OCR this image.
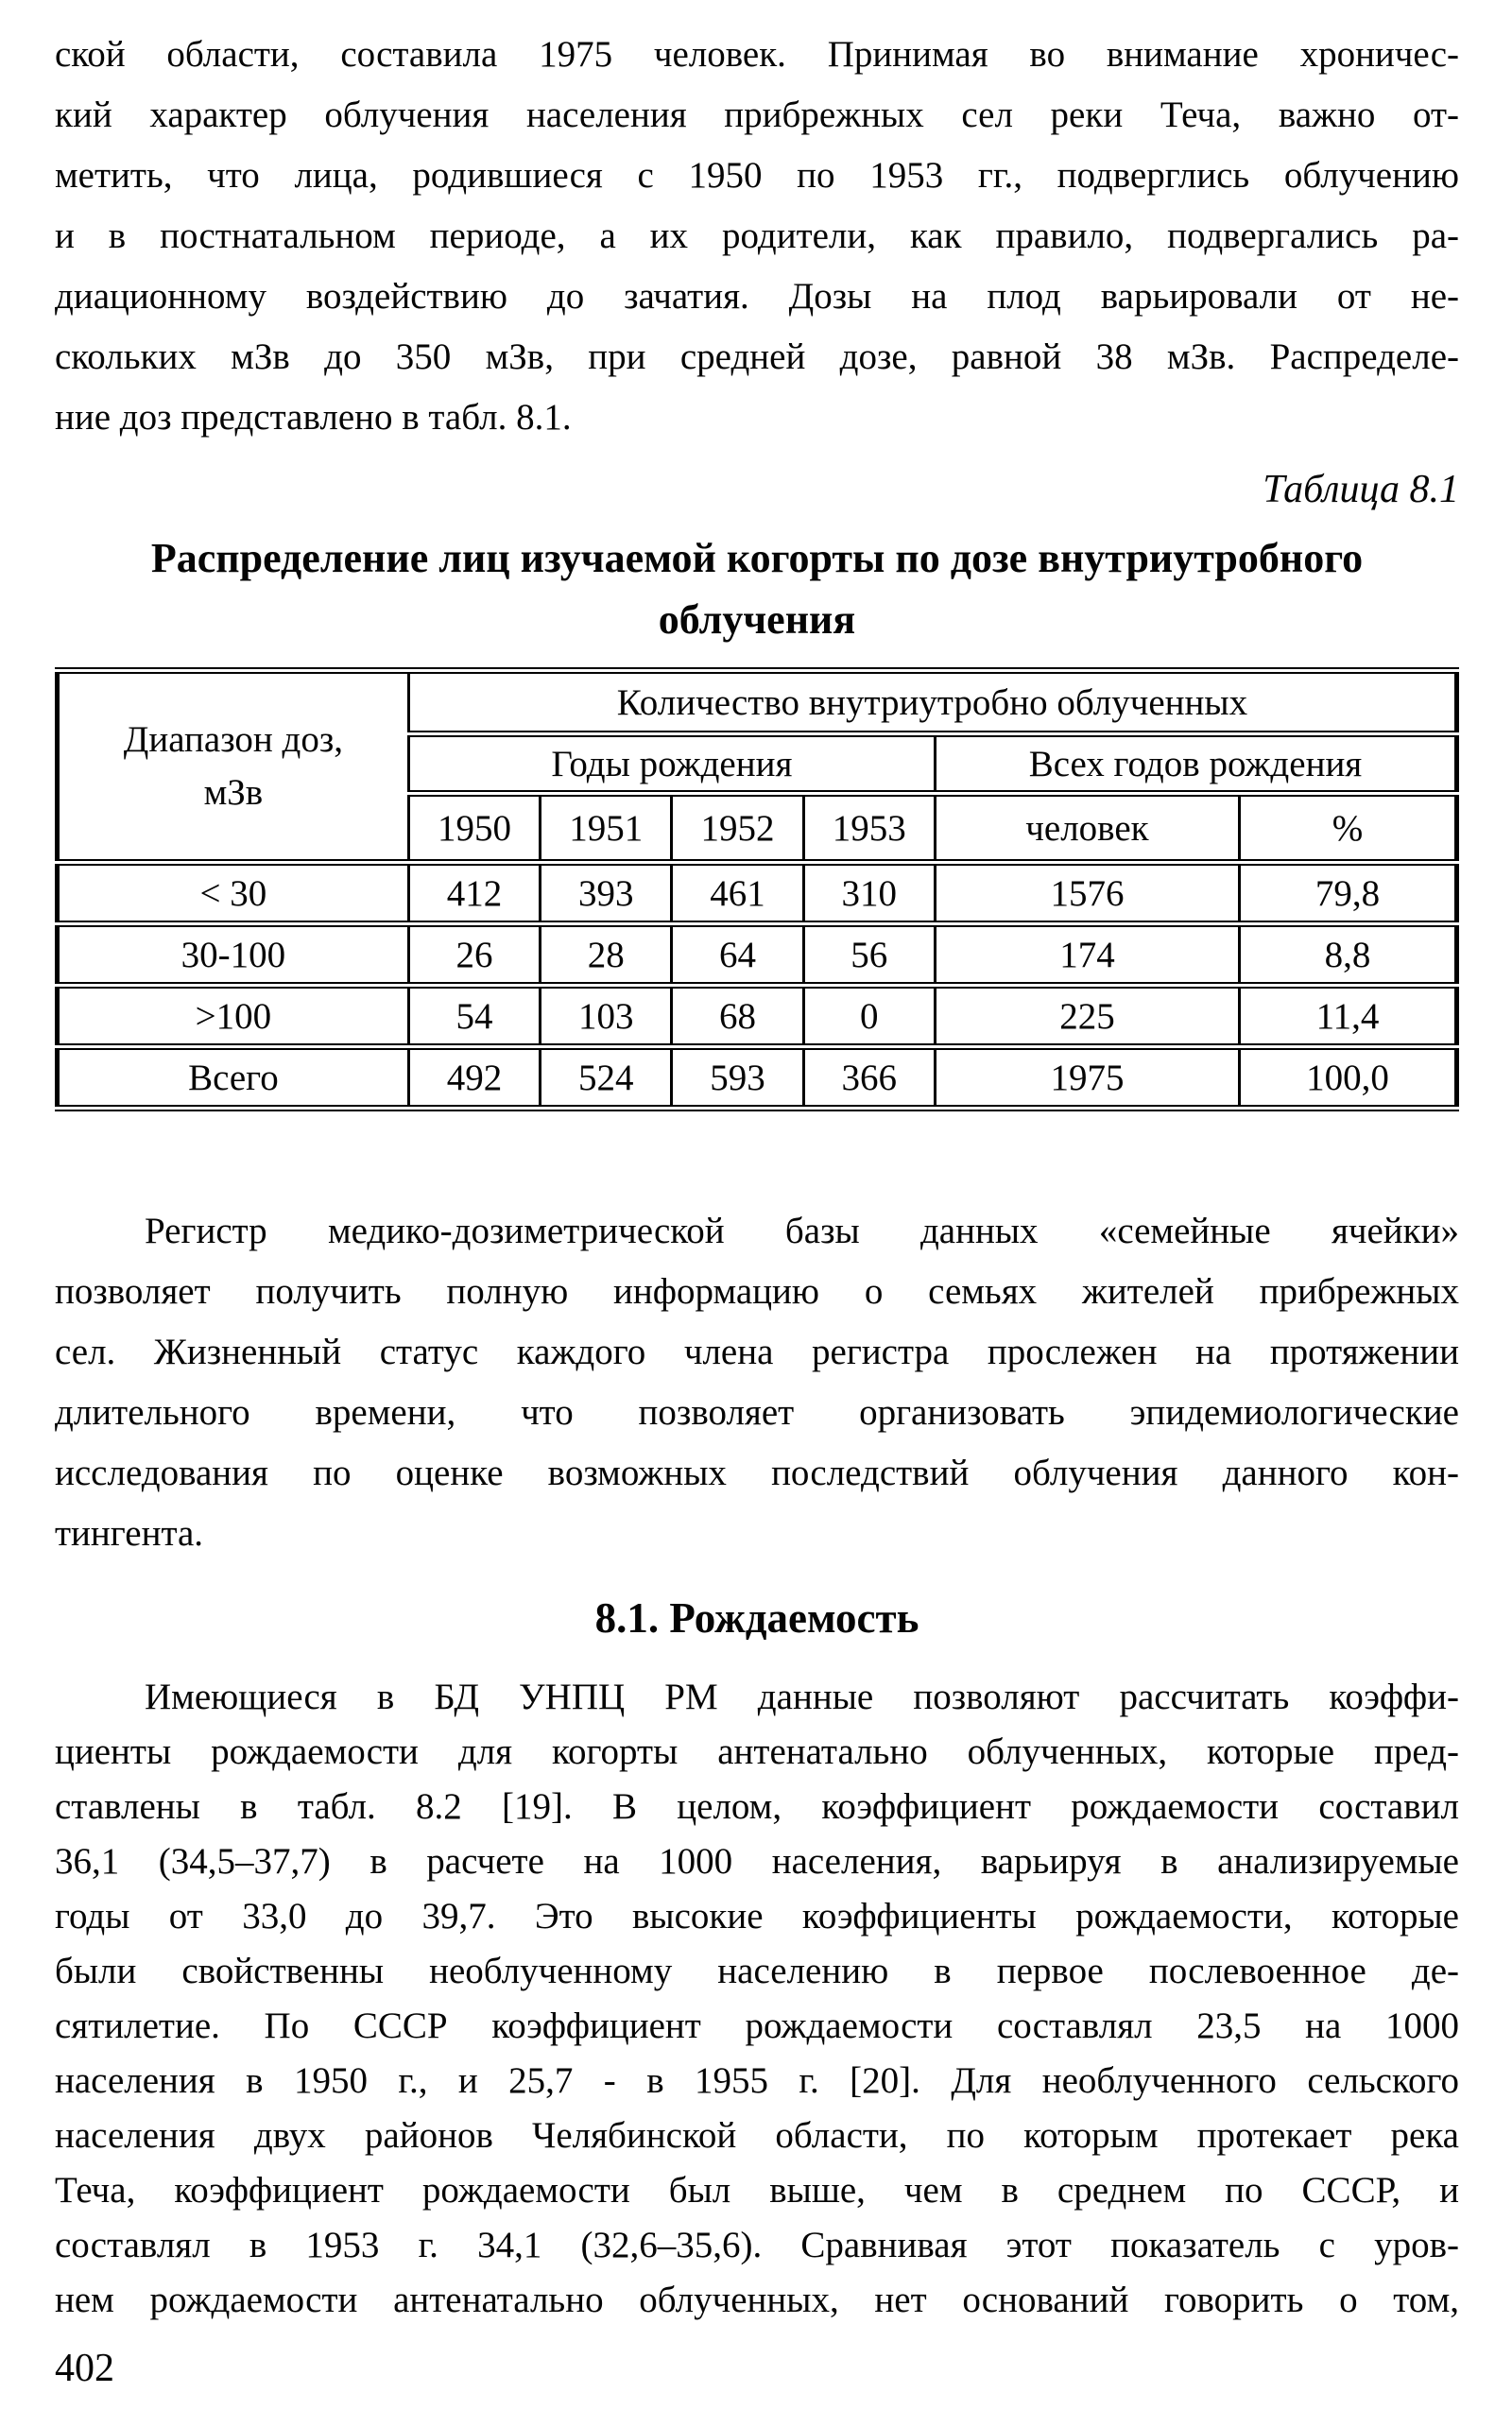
ской области, составила 1975 человек. Принимая во внимание хроничес-
кий характер облучения населения прибрежных сел реки Теча, важно от-
метить, что лица, родившиеся с 1950 по 1953 гг., подверглись облучению
и в постнатальном периоде, а их родители, как правило, подвергались ра-
диационному воздействию до зачатия. Дозы на плод варьировали от не-
скольких мЗв до 350 мЗв, при средней дозе, равной 38 мЗв. Распределе-
ние доз представлено в табл. 8.1.
Таблица 8.1
Распределение лиц изучаемой когорты по дозе внутриутробного
облучения
Диапазон доз,
мЗв	Количество внутриутробно облученных					
	Годы рождения				Всех годов рождения	
	1950	1951	1952	1953	человек	%
< 30	412	393	461	310	1576	79,8
30-100	26	28	64	56	174	8,8
>100	54	103	68	0	225	11,4
Всего	492	524	593	366	1975	100,0
Регистр медико-дозиметрической базы данных «семейные ячейки»
позволяет получить полную информацию о семьях жителей прибрежных
сел. Жизненный статус каждого члена регистра прослежен на протяжении
длительного времени, что позволяет организовать эпидемиологические
исследования по оценке возможных последствий облучения данного кон-
тингента.
8.1. Рождаемость
Имеющиеся в БД УНПЦ РМ данные позволяют рассчитать коэффи-
циенты рождаемости для когорты антенатально облученных, которые пред-
ставлены в табл. 8.2 [19]. В целом, коэффициент рождаемости составил
36,1 (34,5–37,7) в расчете на 1000 населения, варьируя в анализируемые
годы от 33,0 до 39,7. Это высокие коэффициенты рождаемости, которые
были свойственны необлученному населению в первое послевоенное де-
сятилетие. По СССР коэффициент рождаемости составлял 23,5 на 1000
населения в 1950 г., и 25,7 - в 1955 г. [20]. Для необлученного сельского
населения двух районов Челябинской области, по которым протекает река
Теча, коэффициент рождаемости был выше, чем в среднем по СССР, и
составлял в 1953 г. 34,1 (32,6–35,6). Сравнивая этот показатель с уров-
нем рождаемости антенатально облученных, нет оснований говорить о том,
402
